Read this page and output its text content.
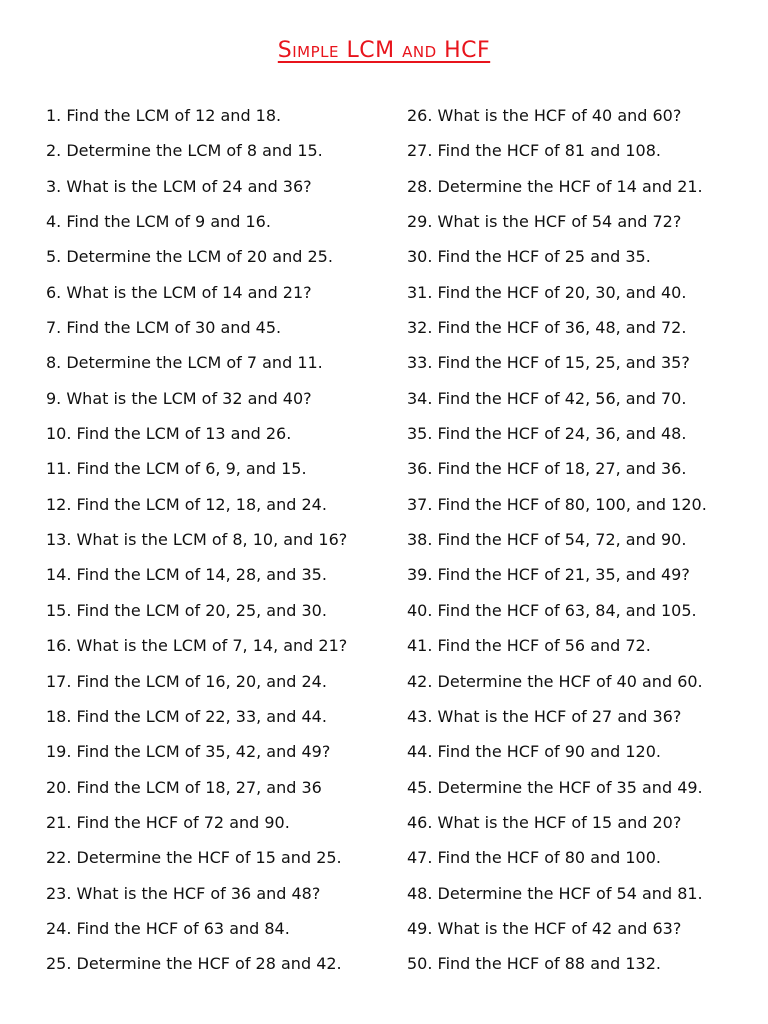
Simple LCM and HCF
1. Find the LCM of 12 and 18.
2. Determine the LCM of 8 and 15.
3. What is the LCM of 24 and 36?
4. Find the LCM of 9 and 16.
5. Determine the LCM of 20 and 25.
6. What is the LCM of 14 and 21?
7. Find the LCM of 30 and 45.
8. Determine the LCM of 7 and 11.
9. What is the LCM of 32 and 40?
10. Find the LCM of 13 and 26.
11. Find the LCM of 6, 9, and 15.
12. Find the LCM of 12, 18, and 24.
13. What is the LCM of 8, 10, and 16?
14. Find the LCM of 14, 28, and 35.
15. Find the LCM of 20, 25, and 30.
16. What is the LCM of 7, 14, and 21?
17. Find the LCM of 16, 20, and 24.
18. Find the LCM of 22, 33, and 44.
19. Find the LCM of 35, 42, and 49?
20. Find the LCM of 18, 27, and 36
21. Find the HCF of 72 and 90.
22. Determine the HCF of 15 and 25.
23. What is the HCF of 36 and 48?
24. Find the HCF of 63 and 84.
25. Determine the HCF of 28 and 42.
26. What is the HCF of 40 and 60?
27. Find the HCF of 81 and 108.
28. Determine the HCF of 14 and 21.
29. What is the HCF of 54 and 72?
30. Find the HCF of 25 and 35.
31. Find the HCF of 20, 30, and 40.
32. Find the HCF of 36, 48, and 72.
33. Find the HCF of 15, 25, and 35?
34. Find the HCF of 42, 56, and 70.
35. Find the HCF of 24, 36, and 48.
36. Find the HCF of 18, 27, and 36.
37. Find the HCF of 80, 100, and 120.
38. Find the HCF of 54, 72, and 90.
39. Find the HCF of 21, 35, and 49?
40. Find the HCF of 63, 84, and 105.
41. Find the HCF of 56 and 72.
42. Determine the HCF of 40 and 60.
43. What is the HCF of 27 and 36?
44. Find the HCF of 90 and 120.
45. Determine the HCF of 35 and 49.
46. What is the HCF of 15 and 20?
47. Find the HCF of 80 and 100.
48. Determine the HCF of 54 and 81.
49. What is the HCF of 42 and 63?
50. Find the HCF of 88 and 132.
